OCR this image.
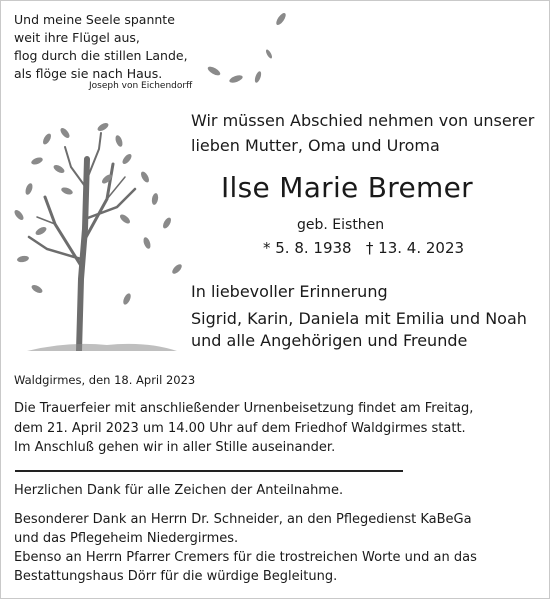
Und meine Seele spannte
weit ihre Flügel aus,
flog durch die stillen Lande,
als flöge sie nach Haus.
Joseph von Eichendorff
Wir müssen Abschied nehmen von unserer
lieben Mutter, Oma und Uroma
Ilse Marie Bremer
geb. Eisthen
* 5. 8. 1938   † 13. 4. 2023
In liebevoller Erinnerung
Sigrid, Karin, Daniela mit Emilia und Noah
und alle Angehörigen und Freunde
Waldgirmes, den 18. April 2023
Die Trauerfeier mit anschließender Urnenbeisetzung findet am Freitag,
dem 21. April 2023 um 14.00 Uhr auf dem Friedhof Waldgirmes statt.
Im Anschluß gehen wir in aller Stille auseinander.
Herzlichen Dank für alle Zeichen der Anteilnahme.
Besonderer Dank an Herrn Dr. Schneider, an den Pflegedienst KaBeGa
und das Pflegeheim Niedergirmes.
Ebenso an Herrn Pfarrer Cremers für die trostreichen Worte und an das
Bestattungshaus Dörr für die würdige Begleitung.
